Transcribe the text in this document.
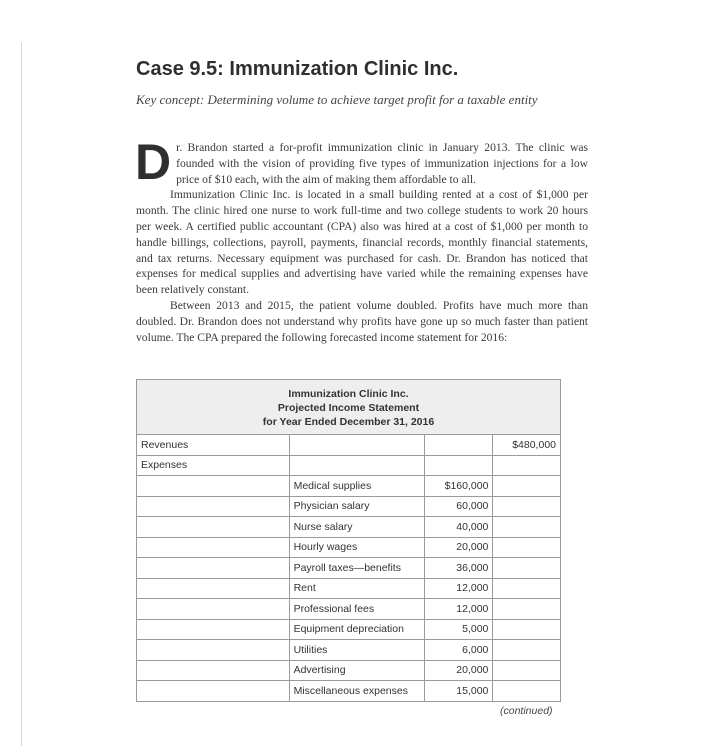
Case 9.5: Immunization Clinic Inc.
Key concept: Determining volume to achieve target profit for a taxable entity

Dr. Brandon started a for-profit immunization clinic in January 2013. The clinic was founded with the vision of providing five types of immunization injections for a low price of $10 each, with the aim of making them affordable to all.

Immunization Clinic Inc. is located in a small building rented at a cost of $1,000 per month. The clinic hired one nurse to work full-time and two college students to work 20 hours per week. A certified public accountant (CPA) also was hired at a cost of $1,000 per month to handle billings, collections, payroll, payments, financial records, monthly financial statements, and tax returns. Necessary equipment was purchased for cash. Dr. Brandon has noticed that expenses for medical supplies and advertising have varied while the remaining expenses have been relatively constant.

Between 2013 and 2015, the patient volume doubled. Profits have much more than doubled. Dr. Brandon does not understand why profits have gone up so much faster than patient volume. The CPA prepared the following forecasted income statement for 2016:

Immunization Clinic Inc.
Projected Income Statement
for Year Ended December 31, 2016			

Revenues			$480,000
Expenses			
	Medical supplies	$160,000	
	Physician salary	60,000	
	Nurse salary	40,000	
	Hourly wages	20,000	
	Payroll taxes—benefits	36,000	
	Rent	12,000	
	Professional fees	12,000	
	Equipment depreciation	5,000	
	Utilities	6,000	
	Advertising	20,000	
	Miscellaneous expenses	15,000	
(continued)
